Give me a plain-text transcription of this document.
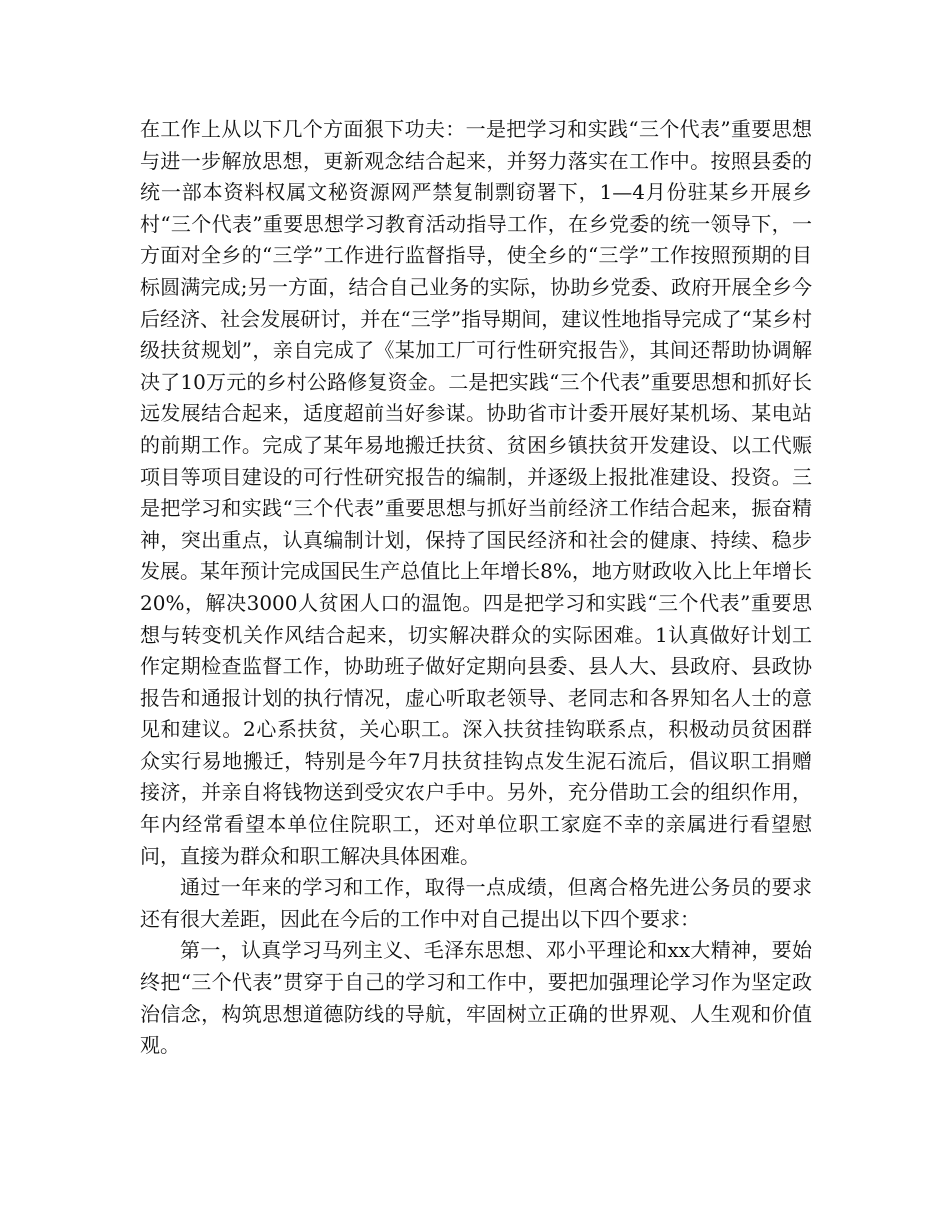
在工作上从以下几个方面狠下功夫：一是把学习和实践“三个代表”重要思想与进一步解放思想，更新观念结合起来，并努力落实在工作中。按照县委的统一部本资料权属文秘资源网严禁复制剽窃署下，1—4月份驻某乡开展乡村“三个代表”重要思想学习教育活动指导工作，在乡党委的统一领导下，一方面对全乡的“三学”工作进行监督指导，使全乡的“三学”工作按照预期的目标圆满完成;另一方面，结合自己业务的实际，协助乡党委、政府开展全乡今后经济、社会发展研讨，并在“三学”指导期间，建议性地指导完成了“某乡村级扶贫规划”，亲自完成了《某加工厂可行性研究报告》，其间还帮助协调解决了10万元的乡村公路修复资金。二是把实践“三个代表”重要思想和抓好长远发展结合起来，适度超前当好参谋。协助省市计委开展好某机场、某电站的前期工作。完成了某年易地搬迁扶贫、贫困乡镇扶贫开发建设、以工代赈项目等项目建设的可行性研究报告的编制，并逐级上报批准建设、投资。三是把学习和实践“三个代表”重要思想与抓好当前经济工作结合起来，振奋精神，突出重点，认真编制计划，保持了国民经济和社会的健康、持续、稳步发展。某年预计完成国民生产总值比上年增长8%，地方财政收入比上年增长20%，解决3000人贫困人口的温饱。四是把学习和实践“三个代表”重要思想与转变机关作风结合起来，切实解决群众的实际困难。1认真做好计划工作定期检查监督工作，协助班子做好定期向县委、县人大、县政府、县政协报告和通报计划的执行情况，虚心听取老领导、老同志和各界知名人士的意见和建议。2心系扶贫，关心职工。深入扶贫挂钩联系点，积极动员贫困群众实行易地搬迁，特别是今年7月扶贫挂钩点发生泥石流后，倡议职工捐赠接济，并亲自将钱物送到受灾农户手中。另外，充分借助工会的组织作用，年内经常看望本单位住院职工，还对单位职工家庭不幸的亲属进行看望慰问，直接为群众和职工解决具体困难。

通过一年来的学习和工作，取得一点成绩，但离合格先进公务员的要求还有很大差距，因此在今后的工作中对自己提出以下四个要求：

第一，认真学习马列主义、毛泽东思想、邓小平理论和xx大精神，要始终把“三个代表”贯穿于自己的学习和工作中，要把加强理论学习作为坚定政治信念，构筑思想道德防线的导航，牢固树立正确的世界观、人生观和价值观。
